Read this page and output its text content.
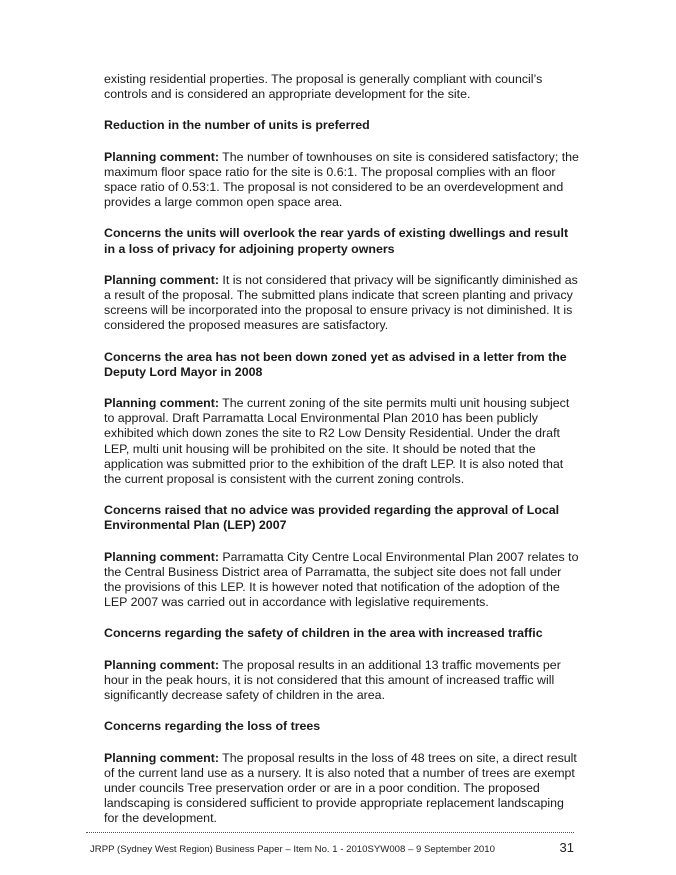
existing residential properties. The proposal is generally compliant with council’s controls and is considered an appropriate development for the site.

Reduction in the number of units is preferred

Planning comment: The number of townhouses on site is considered satisfactory; the maximum floor space ratio for the site is 0.6:1. The proposal complies with an floor space ratio of 0.53:1. The proposal is not considered to be an overdevelopment and provides a large common open space area.

Concerns the units will overlook the rear yards of existing dwellings and result in a loss of privacy for adjoining property owners

Planning comment: It is not considered that privacy will be significantly diminished as a result of the proposal. The submitted plans indicate that screen planting and privacy screens will be incorporated into the proposal to ensure privacy is not diminished. It is considered the proposed measures are satisfactory.

Concerns the area has not been down zoned yet as advised in a letter from the Deputy Lord Mayor in 2008

Planning comment: The current zoning of the site permits multi unit housing subject to approval. Draft Parramatta Local Environmental Plan 2010 has been publicly exhibited which down zones the site to R2 Low Density Residential. Under the draft LEP, multi unit housing will be prohibited on the site. It should be noted that the application was submitted prior to the exhibition of the draft LEP. It is also noted that the current proposal is consistent with the current zoning controls.

Concerns raised that no advice was provided regarding the approval of Local Environmental Plan (LEP) 2007

Planning comment: Parramatta City Centre Local Environmental Plan 2007 relates to the Central Business District area of Parramatta, the subject site does not fall under the provisions of this LEP. It is however noted that notification of the adoption of the LEP 2007 was carried out in accordance with legislative requirements.

Concerns regarding the safety of children in the area with increased traffic

Planning comment: The proposal results in an additional 13 traffic movements per hour in the peak hours, it is not considered that this amount of increased traffic will significantly decrease safety of children in the area.

Concerns regarding the loss of trees

Planning comment: The proposal results in the loss of 48 trees on site, a direct result of the current land use as a nursery. It is also noted that a number of trees are exempt under councils Tree preservation order or are in a poor condition. The proposed landscaping is considered sufficient to provide appropriate replacement landscaping for the development.

JRPP (Sydney West Region) Business Paper – Item No. 1 - 2010SYW008 – 9 September 2010	31
